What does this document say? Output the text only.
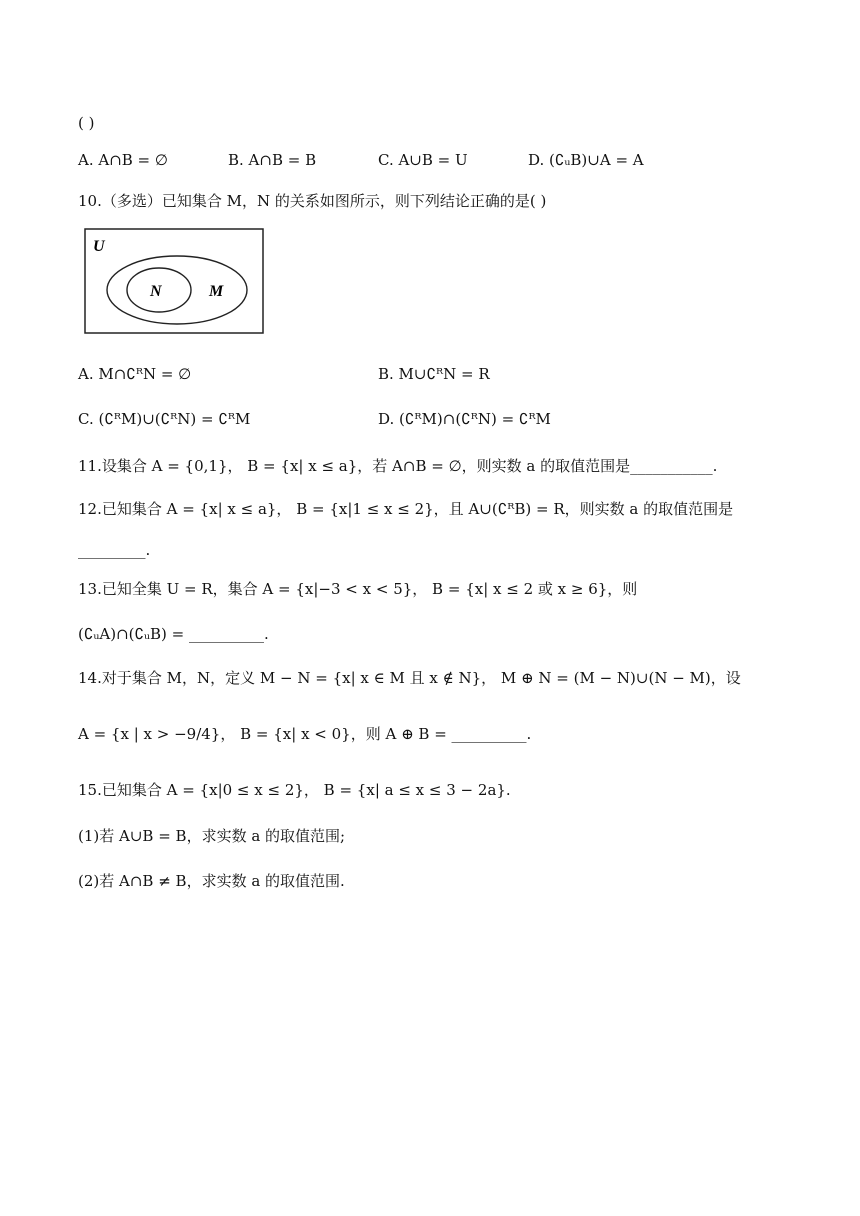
( )
A. A∩B = ∅	B. A∩B = B	C. A∪B = U	D. (∁ᵤB)∪A = A
10.（多选）已知集合 M，N 的关系如图所示，则下列结论正确的是( )
U
N	M
A. M∩∁ᴿN = ∅	B. M∪∁ᴿN = R
C. (∁ᴿM)∪(∁ᴿN) = ∁ᴿM	D. (∁ᴿM)∩(∁ᴿN) = ∁ᴿM
11.设集合 A = {0,1}， B = {x| x ≤ a}，若 A∩B = ∅，则实数 a 的取值范围是___________.
12.已知集合 A = {x| x ≤ a}， B = {x|1 ≤ x ≤ 2}，且 A∪(∁ᴿB) = R，则实数 a 的取值范围是
_________.
13.已知全集 U = R，集合 A = {x|−3 < x < 5}， B = {x| x ≤ 2 或 x ≥ 6}，则
(∁ᵤA)∩(∁ᵤB) = __________.
14.对于集合 M，N，定义 M − N = {x| x ∈ M 且 x ∉ N}， M ⊕ N = (M − N)∪(N − M)，设
A = {x | x > −9/4}， B = {x| x < 0}，则 A ⊕ B = __________.
15.已知集合 A = {x|0 ≤ x ≤ 2}， B = {x| a ≤ x ≤ 3 − 2a}.
(1)若 A∪B = B，求实数 a 的取值范围;
(2)若 A∩B ≠ B，求实数 a 的取值范围.
